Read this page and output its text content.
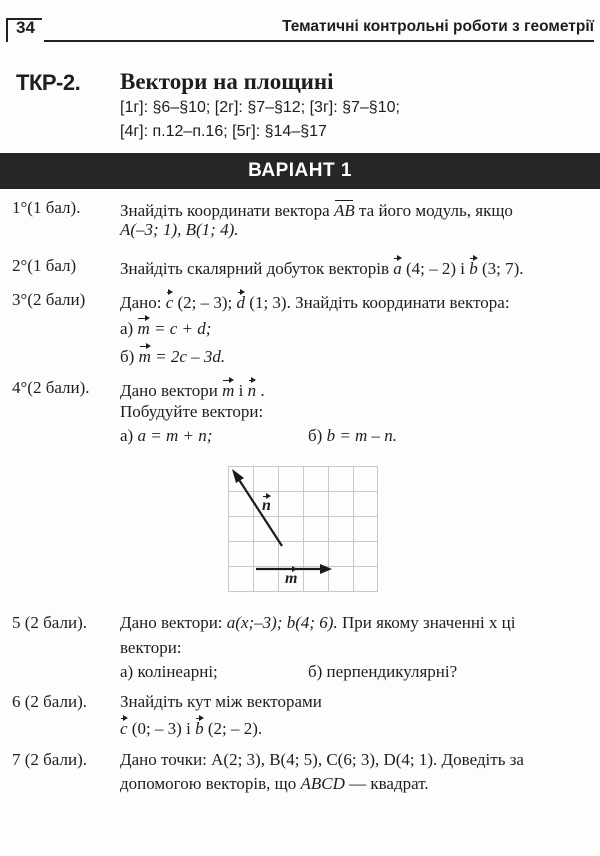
34	Тематичні контрольні роботи з геометрії
ТКР-2. Вектори на площині
[1г]: §6–§10; [2г]: §7–§12; [3г]: §7–§10;
[4г]: п.12–п.16; [5г]: §14–§17
ВАРІАНТ 1
1°(1 бал). Знайдіть координати вектора AB та його модуль, якщо
A(–3; 1), B(1; 4).
2°(1 бал)	Знайдіть скалярний добуток векторів a (4; – 2) і b (3; 7).
3°(2 бали) Дано: c (2; – 3); d (1; 3). Знайдіть координати вектора:
а) m = c + d;
б) m = 2c – 3d.
4°(2 бали). Дано вектори m і n .
Побудуйте вектори:
а) a = m + n;	б) b = m – n.
n
m
5 (2 бали). Дано вектори: a(x;–3); b(4; 6). При якому значенні x ці
вектори:
а) колінеарні;	б) перпендикулярні?
6 (2 бали). Знайдіть кут між векторами
c (0; – 3) і b (2; – 2).
7 (2 бали). Дано точки: A(2; 3), B(4; 5), C(6; 3), D(4; 1). Доведіть за
допомогою векторів, що ABCD — квадрат.
